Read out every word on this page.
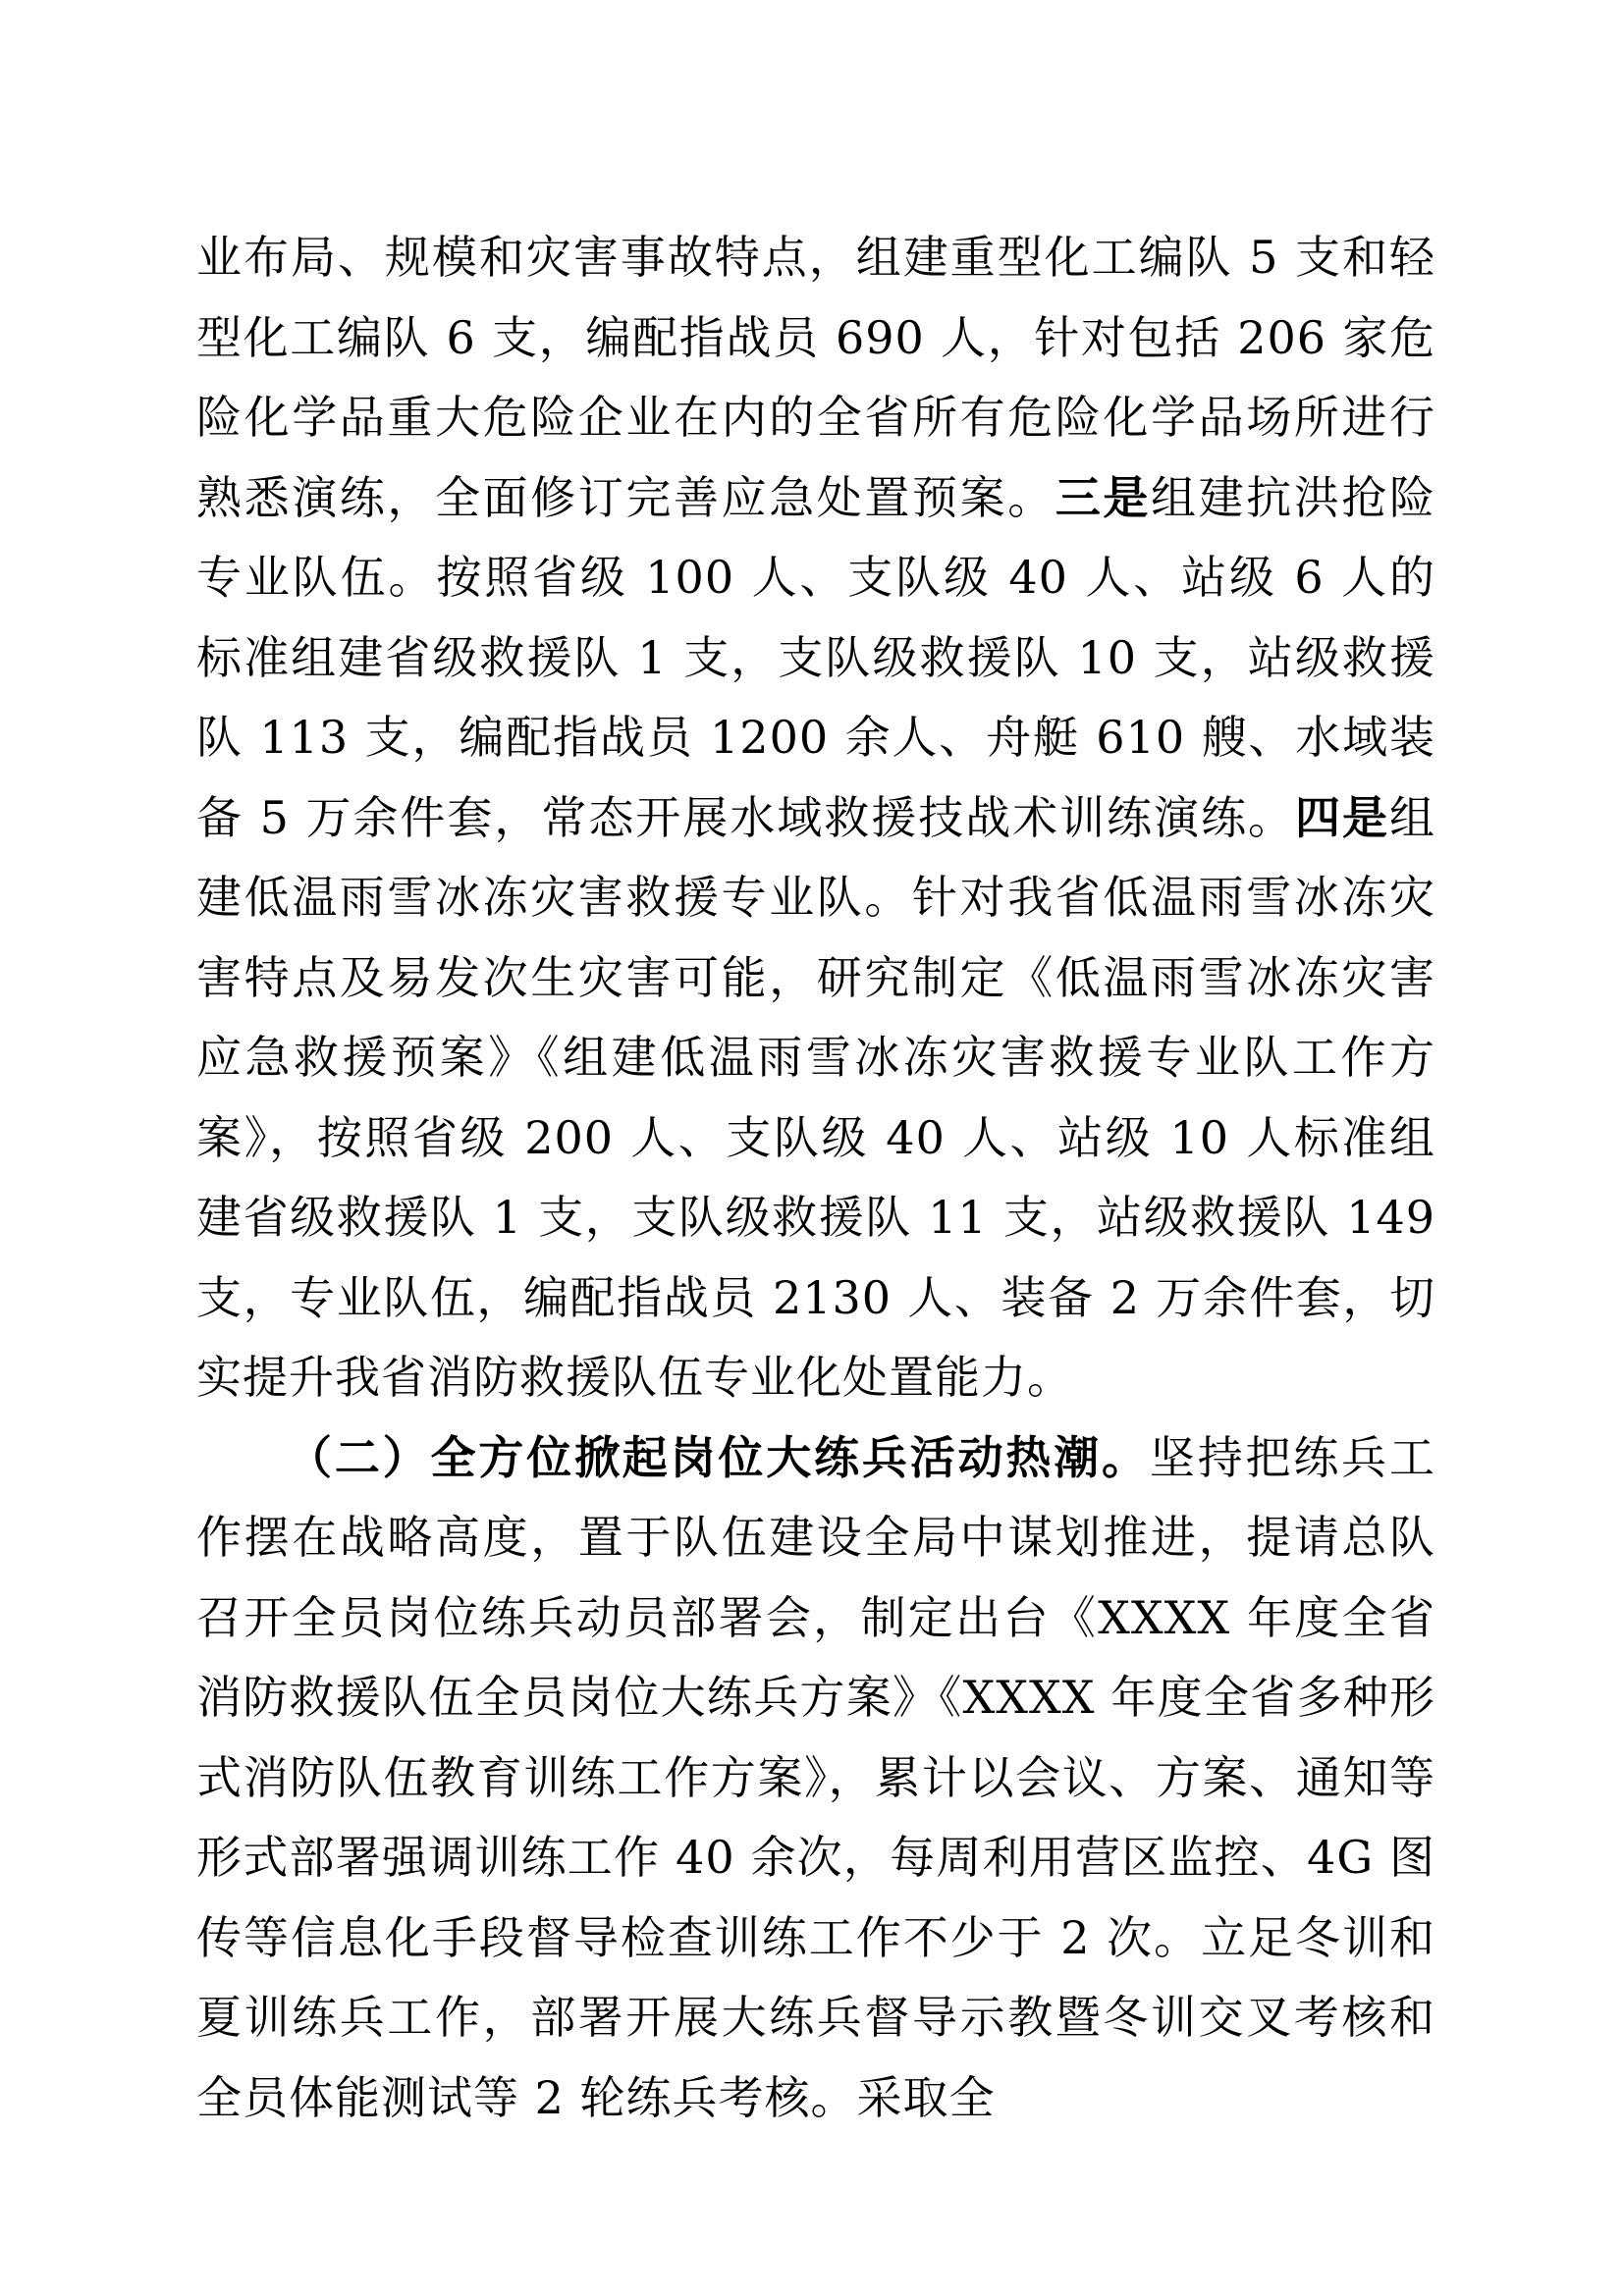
业布局、规模和灾害事故特点，组建重型化工编队 5 支和轻型化工编队 6 支，编配指战员 690 人，针对包括 206 家危险化学品重大危险企业在内的全省所有危险化学品场所进行熟悉演练，全面修订完善应急处置预案。三是组建抗洪抢险专业队伍。按照省级 100 人、支队级 40 人、站级 6 人的标准组建省级救援队 1 支，支队级救援队 10 支，站级救援队 113 支，编配指战员 1200 余人、舟艇 610 艘、水域装备 5 万余件套，常态开展水域救援技战术训练演练。四是组建低温雨雪冰冻灾害救援专业队。针对我省低温雨雪冰冻灾害特点及易发次生灾害可能，研究制定《低温雨雪冰冻灾害应急救援预案》《组建低温雨雪冰冻灾害救援专业队工作方案》，按照省级 200 人、支队级 40 人、站级 10 人标准组建省级救援队 1 支，支队级救援队 11 支，站级救援队 149 支，专业队伍，编配指战员 2130 人、装备 2 万余件套，切实提升我省消防救援队伍专业化处置能力。

（二）全方位掀起岗位大练兵活动热潮。坚持把练兵工作摆在战略高度，置于队伍建设全局中谋划推进，提请总队召开全员岗位练兵动员部署会，制定出台《XXXX 年度全省消防救援队伍全员岗位大练兵方案》《XXXX 年度全省多种形式消防队伍教育训练工作方案》，累计以会议、方案、通知等形式部署强调训练工作 40 余次，每周利用营区监控、4G 图传等信息化手段督导检查训练工作不少于 2 次。立足冬训和夏训练兵工作，部署开展大练兵督导示教暨冬训交叉考核和全员体能测试等 2 轮练兵考核。采取全
